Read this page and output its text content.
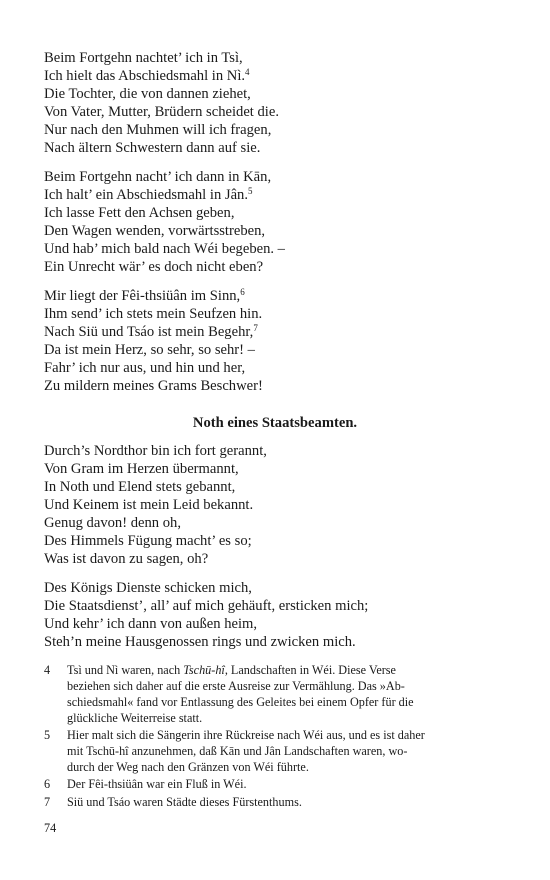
Beim Fortgehn nachtet’ ich in Tsì,
Ich hielt das Abschiedsmahl in Nì.$^4$
Die Tochter, die von dannen ziehet,
Von Vater, Mutter, Brüdern scheidet die.
Nur nach den Muhmen will ich fragen,
Nach ältern Schwestern dann auf sie.
Beim Fortgehn nacht’ ich dann in Kān,
Ich halt’ ein Abschiedsmahl in Jân.$^5$
Ich lasse Fett den Achsen geben,
Den Wagen wenden, vorwärtsstreben,
Und hab’ mich bald nach Wéi begeben. –
Ein Unrecht wär’ es doch nicht eben?
Mir liegt der Fêi-thsiüân im Sinn,$^6$
Ihm send’ ich stets mein Seufzen hin.
Nach Siü und Tsáo ist mein Begehr,$^7$
Da ist mein Herz, so sehr, so sehr! –
Fahr’ ich nur aus, und hin und her,
Zu mildern meines Grams Beschwer!
Noth eines Staatsbeamten.
Durch’s Nordthor bin ich fort gerannt,
Von Gram im Herzen übermannt,
In Noth und Elend stets gebannt,
Und Keinem ist mein Leid bekannt.
Genug davon! denn oh,
Des Himmels Fügung macht’ es so;
Was ist davon zu sagen, oh?
Des Königs Dienste schicken mich,
Die Staatsdienst’, all’ auf mich gehäuft, ersticken mich;
Und kehr’ ich dann von außen heim,
Steh’n meine Hausgenossen rings und zwicken mich.
4 Tsì und Nì waren, nach Tschū-hî, Landschaften in Wéi. Diese Verse
beziehen sich daher auf die erste Ausreise zur Vermählung. Das »Ab-
schiedsmahl« fand vor Entlassung des Geleites bei einem Opfer für die
glückliche Weiterreise statt.
5 Hier malt sich die Sängerin ihre Rückreise nach Wéi aus, und es ist daher
mit Tschū-hî anzunehmen, daß Kān und Jân Landschaften waren, wo-
durch der Weg nach den Gränzen von Wéi führte.
6 Der Fêi-thsiüân war ein Fluß in Wéi.
7 Siü und Tsáo waren Städte dieses Fürstenthums.
74
